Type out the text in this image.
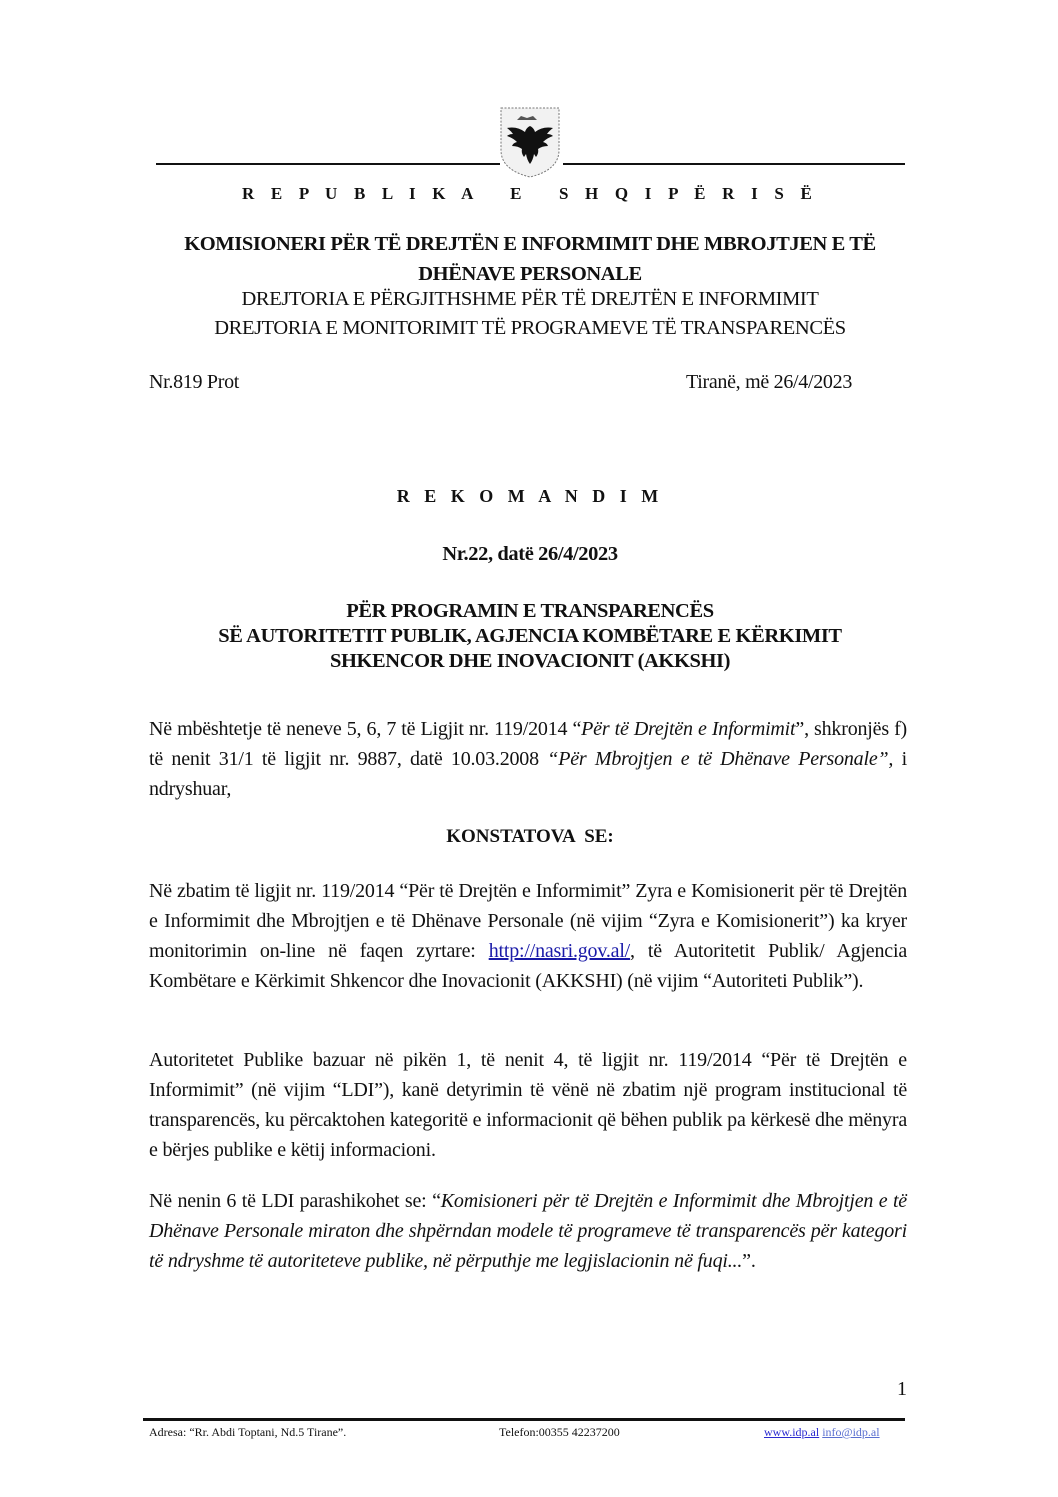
R E P U B L I K A   E   S H Q I P Ë R I S Ë
KOMISIONERI PËR TË DREJTËN E INFORMIMIT DHE MBROJTJEN E TË
DHËNAVE PERSONALE
DREJTORIA E PËRGJITHSHME PËR TË DREJTËN E INFORMIMIT
DREJTORIA E MONITORIMIT TË PROGRAMEVE TË TRANSPARENCËS
Nr.819 Prot	Tiranë, më 26/4/2023
R E K O M A N D I M
Nr.22, datë 26/4/2023
PËR PROGRAMIN E TRANSPARENCËS
SË AUTORITETIT PUBLIK, AGJENCIA KOMBËTARE E KËRKIMIT
SHKENCOR DHE INOVACIONIT (AKKSHI)
Në mbështetje të neneve 5, 6, 7 të Ligjit nr. 119/2014 “Për të Drejtën e Informimit”, shkronjës f) të nenit 31/1 të ligjit nr. 9887, datë 10.03.2008 “Për Mbrojtjen e të Dhënave Personale”, i ndryshuar,
KONSTATOVA  SE:
Në zbatim të ligjit nr. 119/2014 “Për të Drejtën e Informimit” Zyra e Komisionerit për të Drejtën e Informimit dhe Mbrojtjen e të Dhënave Personale (në vijim “Zyra e Komisionerit”) ka kryer monitorimin on-line në faqen zyrtare: http://nasri.gov.al/, të Autoritetit Publik/ Agjencia Kombëtare e Kërkimit Shkencor dhe Inovacionit (AKKSHI) (në vijim “Autoriteti Publik”).
Autoritetet Publike bazuar në pikën 1, të nenit 4, të ligjit nr. 119/2014 “Për të Drejtën e Informimit” (në vijim “LDI”), kanë detyrimin të vënë në zbatim një program institucional të transparencës, ku përcaktohen kategoritë e informacionit që bëhen publik pa kërkesë dhe mënyra e bërjes publike e këtij informacioni.
Në nenin 6 të LDI parashikohet se: “Komisioneri për të Drejtën e Informimit dhe Mbrojtjen e të Dhënave Personale miraton dhe shpërndan modele të programeve të transparencës për kategori të ndryshme të autoriteteve publike, në përputhje me legjislacionin në fuqi...”.
1
Adresa: “Rr. Abdi Toptani, Nd.5 Tirane”.	Telefon:00355 42237200	www.idp.al info@idp.al
